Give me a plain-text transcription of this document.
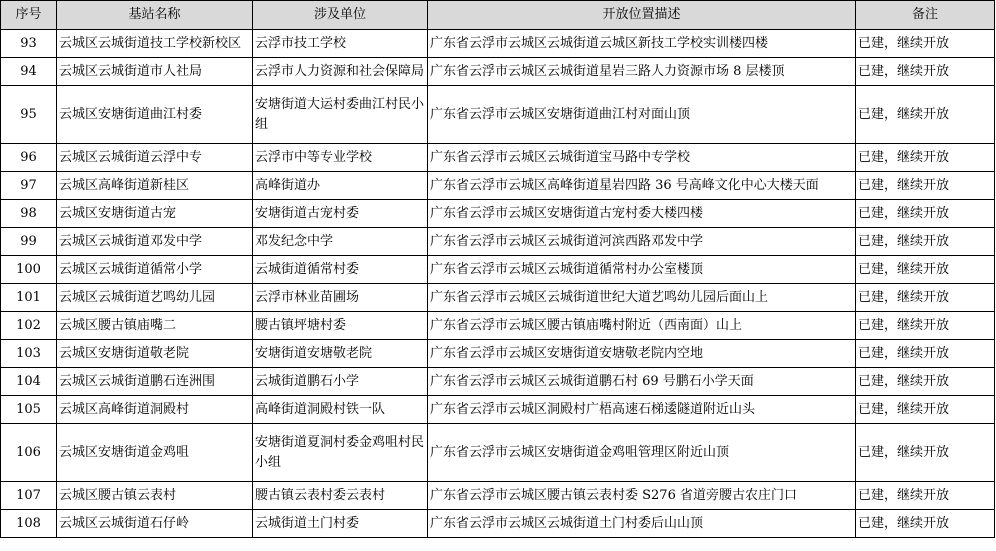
序号	基站名称	涉及单位	开放位置描述	备注
93	云城区云城街道技工学校新校区	云浮市技工学校	广东省云浮市云城区云城街道云城区新技工学校实训楼四楼	已建，继续开放
94	云城区云城街道市人社局	云浮市人力资源和社会保障局	广东省云浮市云城区云城街道星岩三路人力资源市场 8 层楼顶	已建，继续开放
95	云城区安塘街道曲江村委	安塘街道大运村委曲江村民小组	广东省云浮市云城区安塘街道曲江村对面山顶	已建，继续开放
96	云城区云城街道云浮中专	云浮市中等专业学校	广东省云浮市云城区云城街道宝马路中专学校	已建，继续开放
97	云城区高峰街道新桂区	高峰街道办	广东省云浮市云城区高峰街道星岩四路 36 号高峰文化中心大楼天面	已建，继续开放
98	云城区安塘街道古宠	安塘街道古宠村委	广东省云浮市云城区安塘街道古宠村委大楼四楼	已建，继续开放
99	云城区云城街道邓发中学	邓发纪念中学	广东省云浮市云城区云城街道河滨西路邓发中学	已建，继续开放
100	云城区云城街道循常小学	云城街道循常村委	广东省云浮市云城区云城街道循常村办公室楼顶	已建，继续开放
101	云城区云城街道艺鸣幼儿园	云浮市林业苗圃场	广东省云浮市云城区云城街道世纪大道艺鸣幼儿园后面山上	已建，继续开放
102	云城区腰古镇庙嘴二	腰古镇坪塘村委	广东省云浮市云城区腰古镇庙嘴村附近（西南面）山上	已建，继续开放
103	云城区安塘街道敬老院	安塘街道安塘敬老院	广东省云浮市云城区安塘街道安塘敬老院内空地	已建，继续开放
104	云城区云城街道鹏石连洲围	云城街道鹏石小学	广东省云浮市云城区云城街道鹏石村 69 号鹏石小学天面	已建，继续开放
105	云城区高峰街道洞殿村	高峰街道洞殿村铁一队	广东省云浮市云城区洞殿村广梧高速石梯逶隧道附近山头	已建，继续开放
106	云城区安塘街道金鸡咀	安塘街道夏洞村委金鸡咀村民小组	广东省云浮市云城区安塘街道金鸡咀管理区附近山顶	已建，继续开放
107	云城区腰古镇云表村	腰古镇云表村委云表村	广东省云浮市云城区腰古镇云表村委 S276 省道旁腰古农庄门口	已建，继续开放
108	云城区云城街道石仔岭	云城街道土门村委	广东省云浮市云城区云城街道土门村委后山山顶	已建，继续开放
